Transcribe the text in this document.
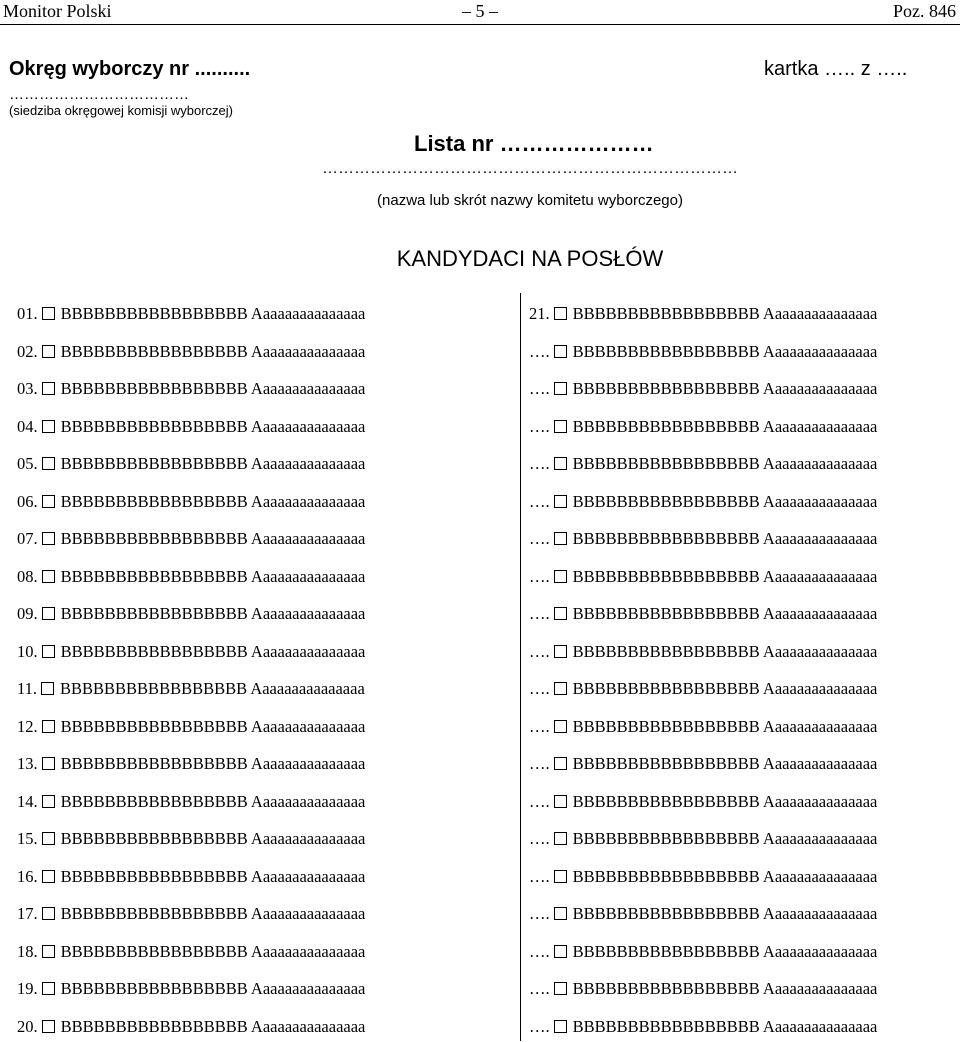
Monitor Polski	– 5 –	Poz. 846
Okręg wyborczy nr ..........	kartka ….. z …..
………………………………
(siedziba okręgowej komisji wyborczej)
Lista nr …………………
……………………………………………………………………
(nazwa lub skrót nazwy komitetu wyborczego)
KANDYDACI NA POSŁÓW
01. BBBBBBBBBBBBBBBBB Aaaaaaaaaaaaaaa
02. BBBBBBBBBBBBBBBBB Aaaaaaaaaaaaaaa
03. BBBBBBBBBBBBBBBBB Aaaaaaaaaaaaaaa
04. BBBBBBBBBBBBBBBBB Aaaaaaaaaaaaaaa
05. BBBBBBBBBBBBBBBBB Aaaaaaaaaaaaaaa
06. BBBBBBBBBBBBBBBBB Aaaaaaaaaaaaaaa
07. BBBBBBBBBBBBBBBBB Aaaaaaaaaaaaaaa
08. BBBBBBBBBBBBBBBBB Aaaaaaaaaaaaaaa
09. BBBBBBBBBBBBBBBBB Aaaaaaaaaaaaaaa
10. BBBBBBBBBBBBBBBBB Aaaaaaaaaaaaaaa
11. BBBBBBBBBBBBBBBBB Aaaaaaaaaaaaaaa
12. BBBBBBBBBBBBBBBBB Aaaaaaaaaaaaaaa
13. BBBBBBBBBBBBBBBBB Aaaaaaaaaaaaaaa
14. BBBBBBBBBBBBBBBBB Aaaaaaaaaaaaaaa
15. BBBBBBBBBBBBBBBBB Aaaaaaaaaaaaaaa
16. BBBBBBBBBBBBBBBBB Aaaaaaaaaaaaaaa
17. BBBBBBBBBBBBBBBBB Aaaaaaaaaaaaaaa
18. BBBBBBBBBBBBBBBBB Aaaaaaaaaaaaaaa
19. BBBBBBBBBBBBBBBBB Aaaaaaaaaaaaaaa
20. BBBBBBBBBBBBBBBBB Aaaaaaaaaaaaaaa
21. BBBBBBBBBBBBBBBBB Aaaaaaaaaaaaaaa
…. BBBBBBBBBBBBBBBBB Aaaaaaaaaaaaaaa
…. BBBBBBBBBBBBBBBBB Aaaaaaaaaaaaaaa
…. BBBBBBBBBBBBBBBBB Aaaaaaaaaaaaaaa
…. BBBBBBBBBBBBBBBBB Aaaaaaaaaaaaaaa
…. BBBBBBBBBBBBBBBBB Aaaaaaaaaaaaaaa
…. BBBBBBBBBBBBBBBBB Aaaaaaaaaaaaaaa
…. BBBBBBBBBBBBBBBBB Aaaaaaaaaaaaaaa
…. BBBBBBBBBBBBBBBBB Aaaaaaaaaaaaaaa
…. BBBBBBBBBBBBBBBBB Aaaaaaaaaaaaaaa
…. BBBBBBBBBBBBBBBBB Aaaaaaaaaaaaaaa
…. BBBBBBBBBBBBBBBBB Aaaaaaaaaaaaaaa
…. BBBBBBBBBBBBBBBBB Aaaaaaaaaaaaaaa
…. BBBBBBBBBBBBBBBBB Aaaaaaaaaaaaaaa
…. BBBBBBBBBBBBBBBBB Aaaaaaaaaaaaaaa
…. BBBBBBBBBBBBBBBBB Aaaaaaaaaaaaaaa
…. BBBBBBBBBBBBBBBBB Aaaaaaaaaaaaaaa
…. BBBBBBBBBBBBBBBBB Aaaaaaaaaaaaaaa
…. BBBBBBBBBBBBBBBBB Aaaaaaaaaaaaaaa
…. BBBBBBBBBBBBBBBBB Aaaaaaaaaaaaaaa
